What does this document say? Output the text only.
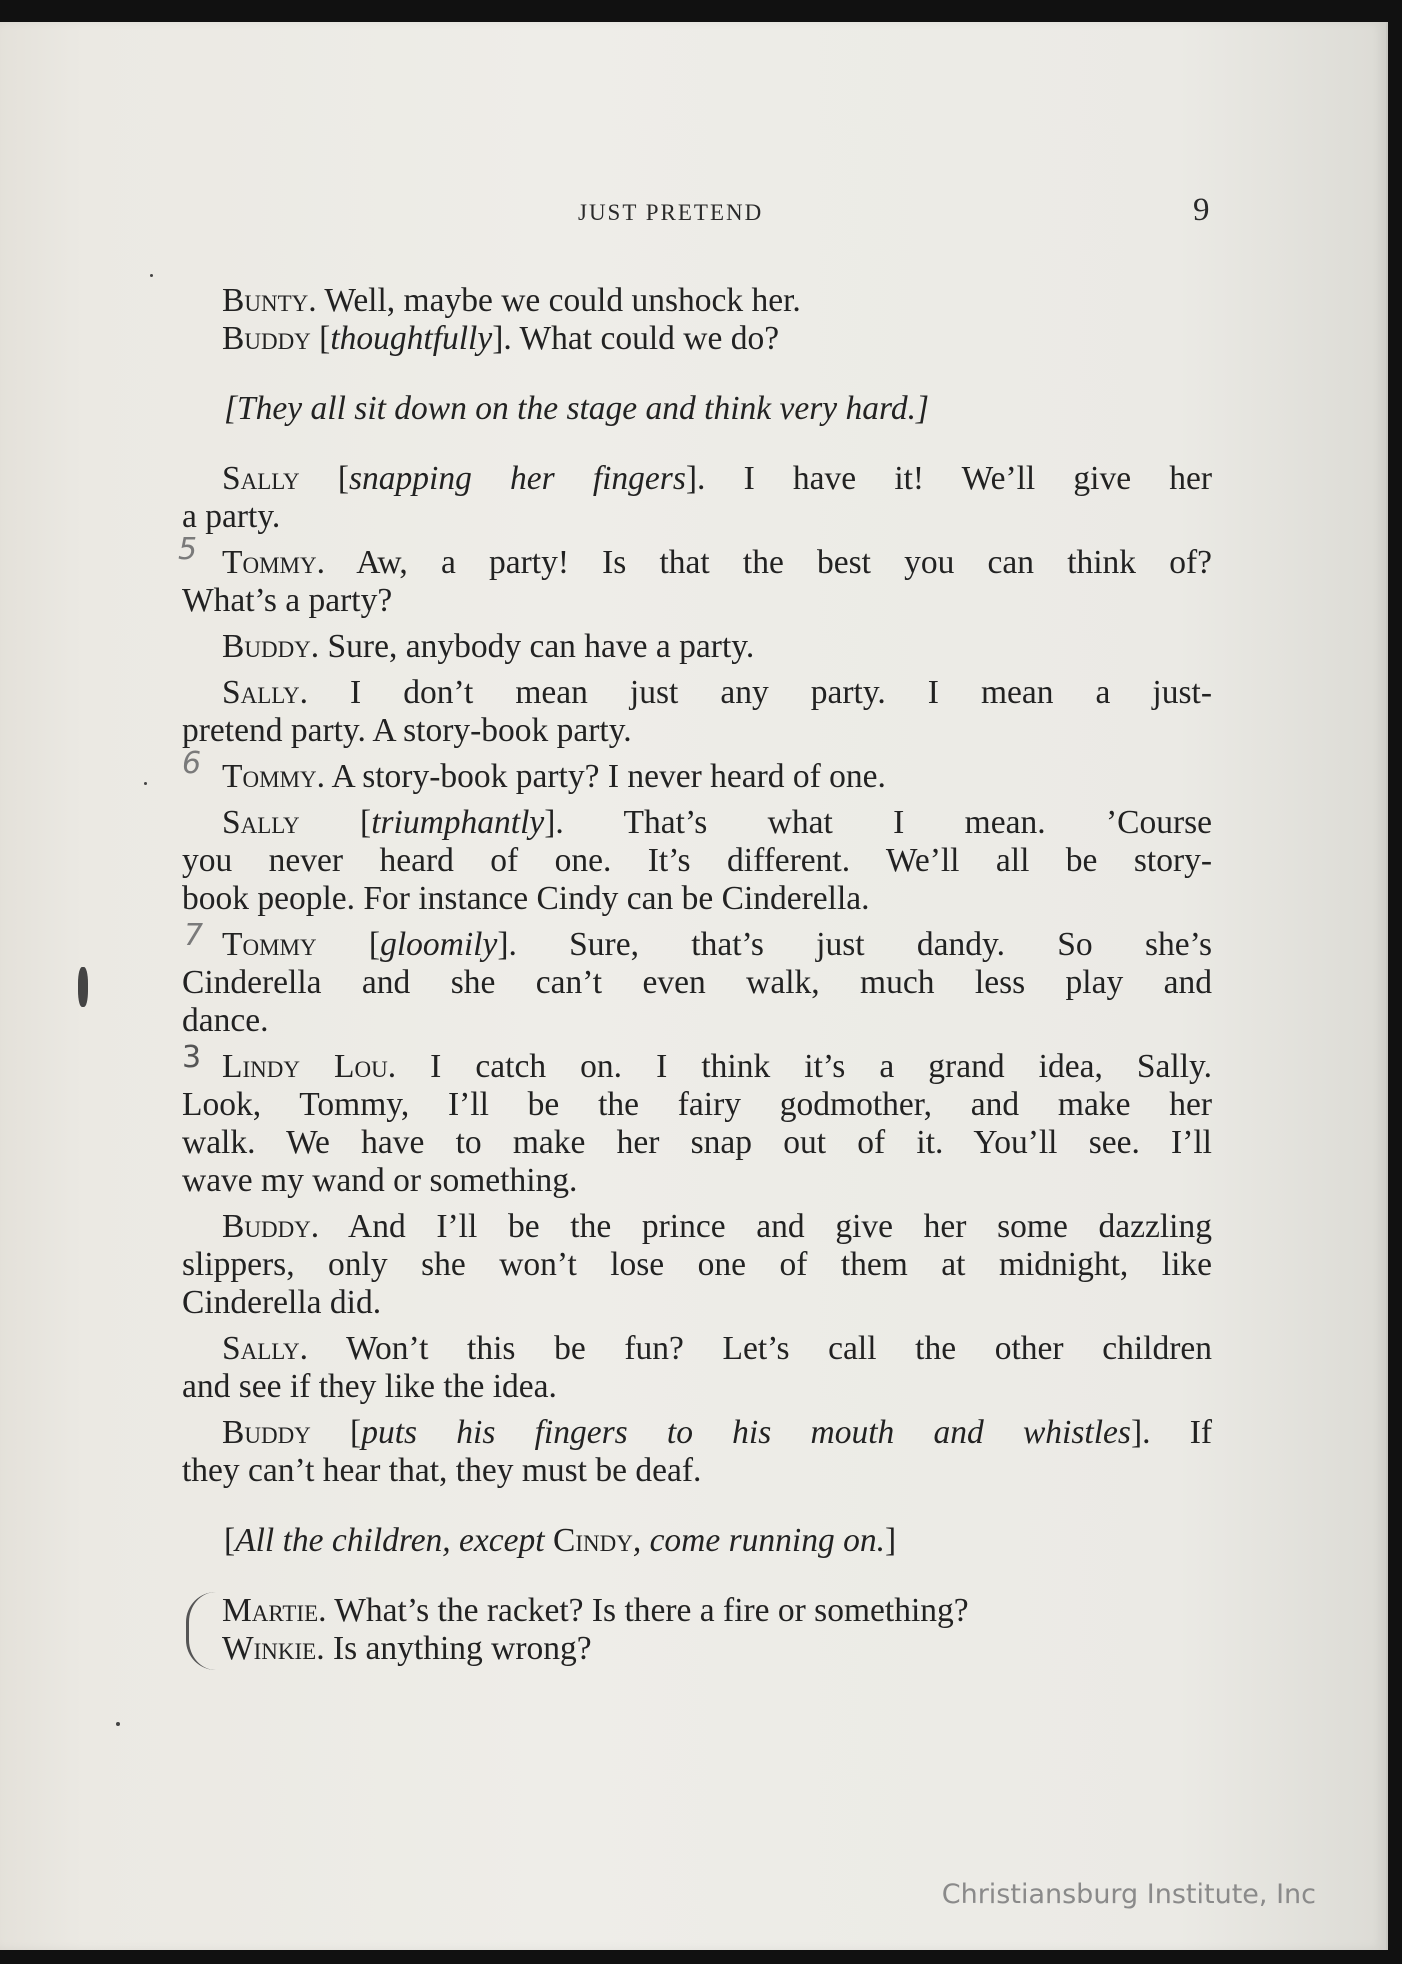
JUST PRETEND	9
5
6
7
3
Bunty. Well, maybe we could unshock her.
Buddy [thoughtfully]. What could we do?
[They all sit down on the stage and think very hard.]
Sally [snapping her fingers]. I have it! We’ll give her
a party.
Tommy. Aw, a party! Is that the best you can think of?
What’s a party?
Buddy. Sure, anybody can have a party.
Sally. I don’t mean just any party. I mean a just-
pretend party. A story-book party.
Tommy. A story-book party? I never heard of one.
Sally [triumphantly]. That’s what I mean. ’Course
you never heard of one. It’s different. We’ll all be story-
book people. For instance Cindy can be Cinderella.
Tommy [gloomily]. Sure, that’s just dandy. So she’s
Cinderella and she can’t even walk, much less play and
dance.
Lindy Lou. I catch on. I think it’s a grand idea, Sally.
Look, Tommy, I’ll be the fairy godmother, and make her
walk. We have to make her snap out of it. You’ll see. I’ll
wave my wand or something.
Buddy. And I’ll be the prince and give her some dazzling
slippers, only she won’t lose one of them at midnight, like
Cinderella did.
Sally. Won’t this be fun? Let’s call the other children
and see if they like the idea.
Buddy [puts his fingers to his mouth and whistles]. If
they can’t hear that, they must be deaf.
[All the children, except Cindy, come running on.]
Martie. What’s the racket? Is there a fire or something?
Winkie. Is anything wrong?
Christiansburg Institute, Inc
